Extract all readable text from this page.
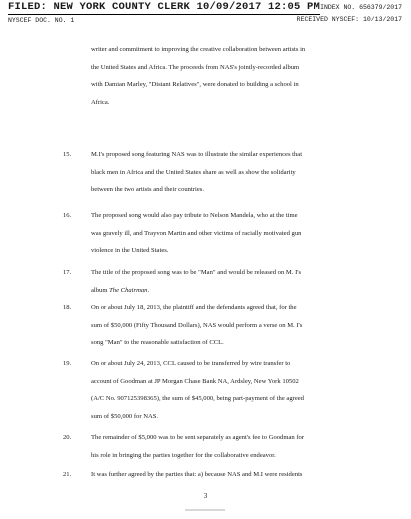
FILED: NEW YORK COUNTY CLERK 10/09/2017 12:05 PM
NYSCEF DOC. NO. 1
INDEX NO. 656379/2017
RECEIVED NYSCEF: 10/13/2017
writer and commitment to improving the creative collaboration between artists in
the United States and Africa. The proceeds from NAS's jointly-recorded album
with Damian Marley, "Distant Relatives", were donated to building a school in
Africa.
15.	M.I's proposed song featuring NAS was to illustrate the similar experiences that
black men in Africa and the United States share as well as show the solidarity
between the two artists and their countries.
16.	The proposed song would also pay tribute to Nelson Mandela, who at the time
was gravely ill, and Trayvon Martin and other victims of racially motivated gun
violence in the United States.
17.	The title of the proposed song was to be "Man" and would be released on M. I's
album The Chairman.
18.	On or about July 18, 2013, the plaintiff and the defendants agreed that, for the
sum of $50,000 (Fifty Thousand Dollars), NAS would perform a verse on M. I's
song "Man" to the reasonable satisfaction of CCL.
19.	On or about July 24, 2013, CCL caused to be transferred by wire transfer to
account of Goodman at JP Morgan Chase Bank NA, Ardsley, New York 10502
(A/C No. 907125398365), the sum of $45,000, being part-payment of the agreed
sum of $50,000 for NAS.
20.	The remainder of $5,000 was to be sent separately as agent's fee to Goodman for
his role in bringing the parties together for the collaborative endeavor.
21.	It was further agreed by the parties that: a) because NAS and M.I were residents
3
